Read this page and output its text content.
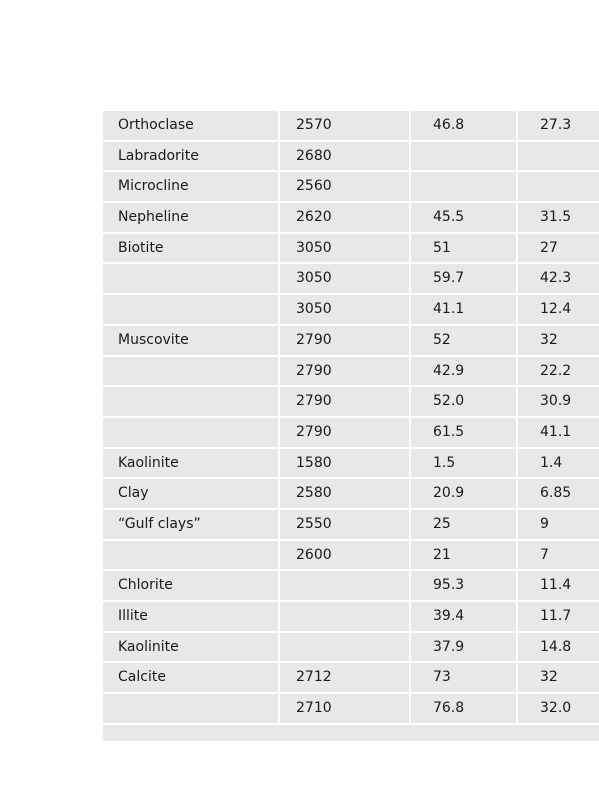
Orthoclase	2570	46.8	27.3

Labradorite	2680		

Microcline	2560		

Nepheline	2620	45.5	31.5

Biotite	3050	51	27

	3050	59.7	42.3

	3050	41.1	12.4

Muscovite	2790	52	32

	2790	42.9	22.2

	2790	52.0	30.9

	2790	61.5	41.1

Kaolinite	1580	1.5	1.4

Clay	2580	20.9	6.85

“Gulf clays”	2550	25	9

	2600	21	7

Chlorite		95.3	11.4

Illite		39.4	11.7

Kaolinite		37.9	14.8

Calcite	2712	73	32

	2710	76.8	32.0
